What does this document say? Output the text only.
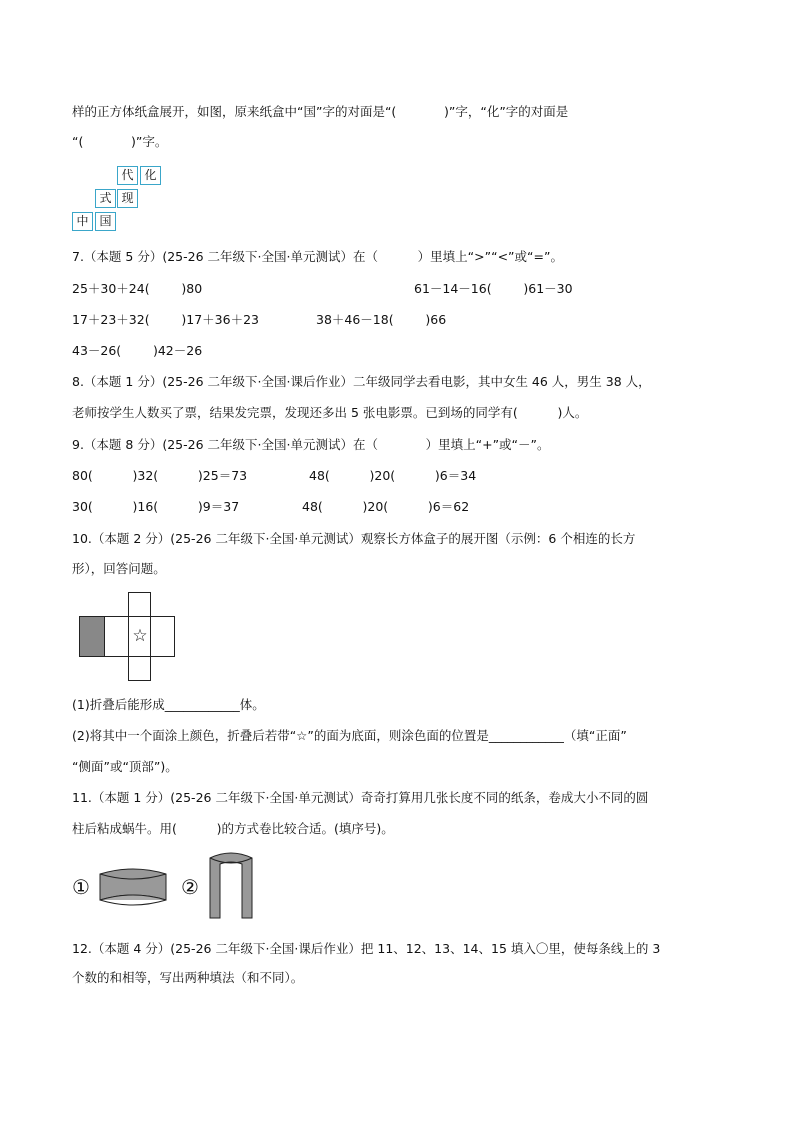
样的正方体纸盒展开，如图，原来纸盒中“国”字的对面是“(            )”字，“化”字的对面是
“(            )”字。
代 化
式 现
中 国
7.（本题 5 分）(25-26 二年级下·全国·单元测试）在（          ）里填上“>”“<”或“=”。
25＋30＋24(        )80	61－14－16(        )61－30
17＋23＋32(        )17＋36＋23	38＋46－18(        )66
43－26(        )42－26
8.（本题 1 分）(25-26 二年级下·全国·课后作业）二年级同学去看电影，其中女生 46 人，男生 38 人，
老师按学生人数买了票，结果发完票，发现还多出 5 张电影票。已到场的同学有(          )人。
9.（本题 8 分）(25-26 二年级下·全国·单元测试）在（            ）里填上“+”或“－”。
80(          )32(          )25＝73	48(          )20(          )6＝34
30(          )16(          )9＝37	48(          )20(          )6＝62
10.（本题 2 分）(25-26 二年级下·全国·单元测试）观察长方体盒子的展开图（示例：6 个相连的长方
形），回答问题。
☆
(1)折叠后能形成____________体。
(2)将其中一个面涂上颜色，折叠后若带“☆”的面为底面，则涂色面的位置是____________（填“正面”
“侧面”或“顶部”)。
11.（本题 1 分）(25-26 二年级下·全国·单元测试）奇奇打算用几张长度不同的纸条，卷成大小不同的圆
柱后粘成蜗牛。用(          )的方式卷比较合适。(填序号)。
①	②
12.（本题 4 分）(25-26 二年级下·全国·课后作业）把 11、12、13、14、15 填入〇里，使每条线上的 3
个数的和相等，写出两种填法（和不同）。
